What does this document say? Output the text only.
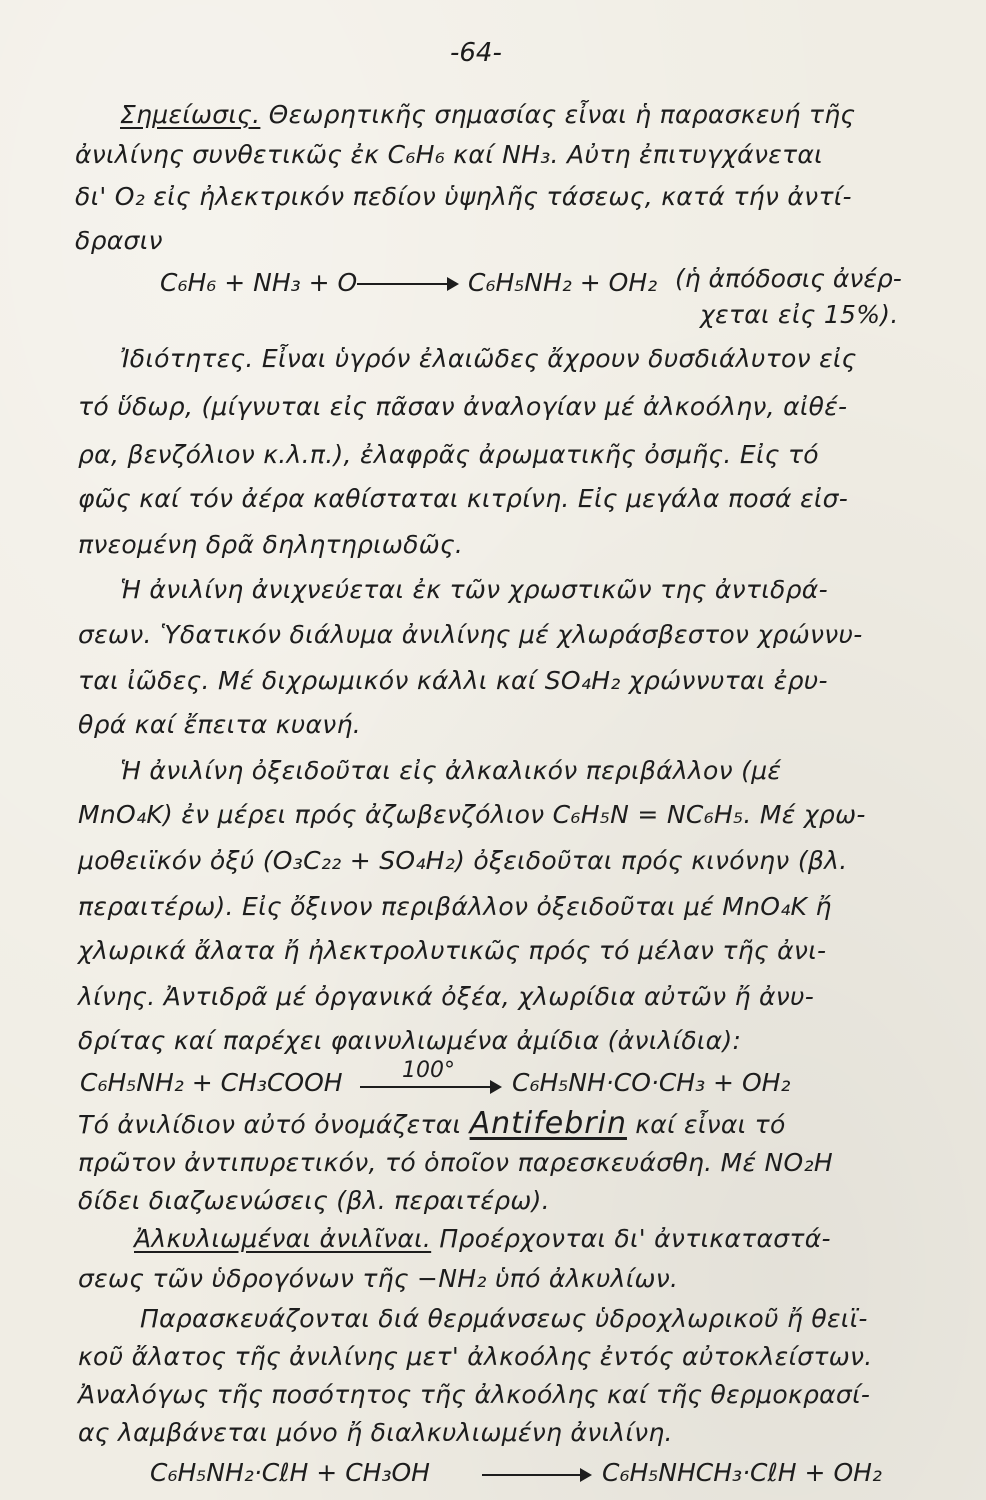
-64-
Σημείωσις. Θεωρητικῆς σημασίας εἶναι ἡ παρασκευή τῆς
ἀνιλίνης συνθετικῶς ἐκ C₆H₆ καί NH₃. Αὐτη ἐπιτυγχάνεται
δι' O₂ εἰς ἠλεκτρικόν πεδίον ὑψηλῆς τάσεως, κατά τήν ἀντί-
δρασιν
C₆H₆ + NH₃ + O	C₆H₅NH₂ + OH₂ (ἡ ἀπόδοσις ἀνέρ-
χεται εἰς 15%).
Ἰδιότητες. Εἶναι ὑγρόν ἐλαιῶδες ἄχρουν δυσδιάλυτον εἰς
τό ὕδωρ, (μίγνυται εἰς πᾶσαν ἀναλογίαν μέ ἀλκοόλην, αἰθέ-
ρα, βενζόλιον κ.λ.π.), ἐλαφρᾶς ἀρωματικῆς ὀσμῆς. Εἰς τό
φῶς καί τόν ἀέρα καθίσταται κιτρίνη. Εἰς μεγάλα ποσά εἰσ-
πνεομένη δρᾶ δηλητηριωδῶς.
Ἡ ἀνιλίνη ἀνιχνεύεται ἐκ τῶν χρωστικῶν της ἀντιδρά-
σεων. Ὑδατικόν διάλυμα ἀνιλίνης μέ χλωράσβεστον χρώννυ-
ται ἰῶδες. Μέ διχρωμικόν κάλλι καί SO₄H₂ χρώννυται ἐρυ-
θρά καί ἔπειτα κυανή.
Ἡ ἀνιλίνη ὀξειδοῦται εἰς ἀλκαλικόν περιβάλλον (μέ
MnO₄K) ἐν μέρει πρός ἀζωβενζόλιον C₆H₅N = NC₆H₅. Μέ χρω-
μοθειϊκόν ὀξύ (O₃C₂₂ + SO₄H₂) ὀξειδοῦται πρός κινόνην (βλ.
περαιτέρω). Εἰς ὄξινον περιβάλλον ὀξειδοῦται μέ MnO₄K ἤ
χλωρικά ἄλατα ἤ ἠλεκτρολυτικῶς πρός τό μέλαν τῆς ἀνι-
λίνης. Ἀντιδρᾶ μέ ὀργανικά ὀξέα, χλωρίδια αὐτῶν ἤ ἀνυ-
δρίτας καί παρέχει φαινυλιωμένα ἀμίδια (ἀνιλίδια):
C₆H₅NH₂ + CH₃COOH	100° C₆H₅NH·CO·CH₃ + OH₂
Τό ἀνιλίδιον αὐτό ὀνομάζεται Antifebrin καί εἶναι τό
πρῶτον ἀντιπυρετικόν, τό ὁποῖον παρεσκευάσθη. Μέ NO₂H
δίδει διαζωενώσεις (βλ. περαιτέρω).
Ἀλκυλιωμέναι ἀνιλῖναι. Προέρχονται δι' ἀντικαταστά-
σεως τῶν ὑδρογόνων τῆς −NH₂ ὑπό ἀλκυλίων.
Παρασκευάζονται διά θερμάνσεως ὑδροχλωρικοῦ ἤ θειϊ-
κοῦ ἄλατος τῆς ἀνιλίνης μετ' ἀλκοόλης ἐντός αὐτοκλείστων.
Ἀναλόγως τῆς ποσότητος τῆς ἀλκοόλης καί τῆς θερμοκρασί-
ας λαμβάνεται μόνο ἤ διαλκυλιωμένη ἀνιλίνη.
C₆H₅NH₂·CℓH + CH₃OH	C₆H₅NHCH₃·CℓH + OH₂
